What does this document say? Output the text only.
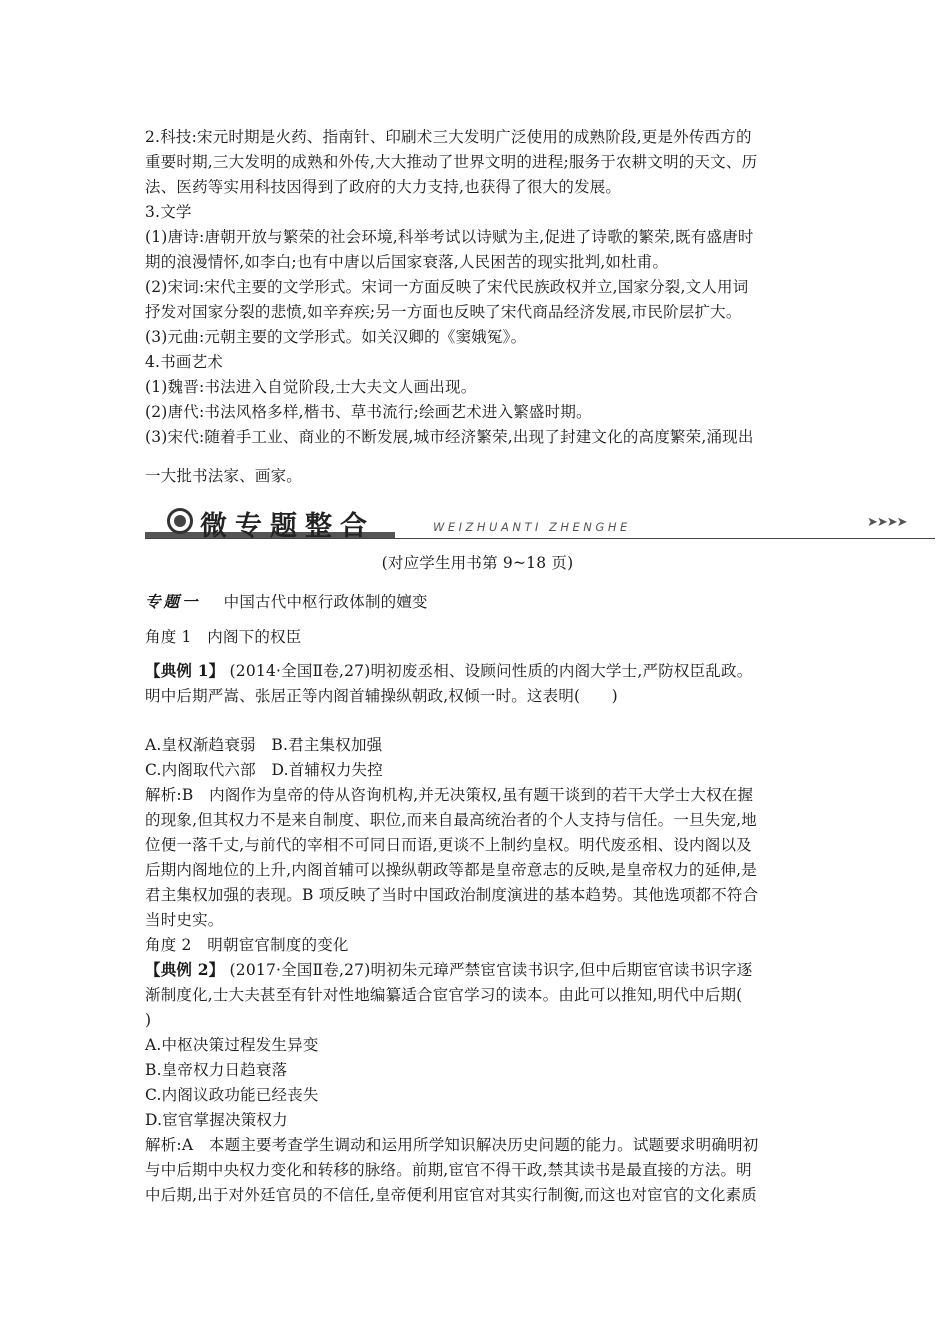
2.科技:宋元时期是火药、指南针、印刷术三大发明广泛使用的成熟阶段,更是外传西方的
重要时期,三大发明的成熟和外传,大大推动了世界文明的进程;服务于农耕文明的天文、历
法、医药等实用科技因得到了政府的大力支持,也获得了很大的发展。
3.文学
(1)唐诗:唐朝开放与繁荣的社会环境,科举考试以诗赋为主,促进了诗歌的繁荣,既有盛唐时
期的浪漫情怀,如李白;也有中唐以后国家衰落,人民困苦的现实批判,如杜甫。
(2)宋词:宋代主要的文学形式。宋词一方面反映了宋代民族政权并立,国家分裂,文人用词
抒发对国家分裂的悲愤,如辛弃疾;另一方面也反映了宋代商品经济发展,市民阶层扩大。
(3)元曲:元朝主要的文学形式。如关汉卿的《窦娥冤》。
4.书画艺术
(1)魏晋:书法进入自觉阶段,士大夫文人画出现。
(2)唐代:书法风格多样,楷书、草书流行;绘画艺术进入繁盛时期。
(3)宋代:随着手工业、商业的不断发展,城市经济繁荣,出现了封建文化的高度繁荣,涌现出
一大批书法家、画家。
微专题整合	WEIZHUANTI ZHENGHE	➤➤➤➤
(对应学生用书第 9~18 页)
专题一 中国古代中枢行政体制的嬗变
角度 1　内阁下的权臣
【典例 1】 (2014·全国Ⅱ卷,27)明初废丞相、设顾问性质的内阁大学士,严防权臣乱政。
明中后期严嵩、张居正等内阁首辅操纵朝政,权倾一时。这表明(　　)
A.皇权渐趋衰弱　B.君主集权加强
C.内阁取代六部　D.首辅权力失控
解析:B　内阁作为皇帝的侍从咨询机构,并无决策权,虽有题干谈到的若干大学士大权在握
的现象,但其权力不是来自制度、职位,而来自最高统治者的个人支持与信任。一旦失宠,地
位便一落千丈,与前代的宰相不可同日而语,更谈不上制约皇权。明代废丞相、设内阁以及
后期内阁地位的上升,内阁首辅可以操纵朝政等都是皇帝意志的反映,是皇帝权力的延伸,是
君主集权加强的表现。B 项反映了当时中国政治制度演进的基本趋势。其他选项都不符合
当时史实。
角度 2　明朝宦官制度的变化
【典例 2】 (2017·全国Ⅱ卷,27)明初朱元璋严禁宦官读书识字,但中后期宦官读书识字逐
渐制度化,士大夫甚至有针对性地编纂适合宦官学习的读本。由此可以推知,明代中后期(
)
A.中枢决策过程发生异变
B.皇帝权力日趋衰落
C.内阁议政功能已经丧失
D.宦官掌握决策权力
解析:A　本题主要考查学生调动和运用所学知识解决历史问题的能力。试题要求明确明初
与中后期中央权力变化和转移的脉络。前期,宦官不得干政,禁其读书是最直接的方法。明
中后期,出于对外廷官员的不信任,皇帝便利用宦官对其实行制衡,而这也对宦官的文化素质
